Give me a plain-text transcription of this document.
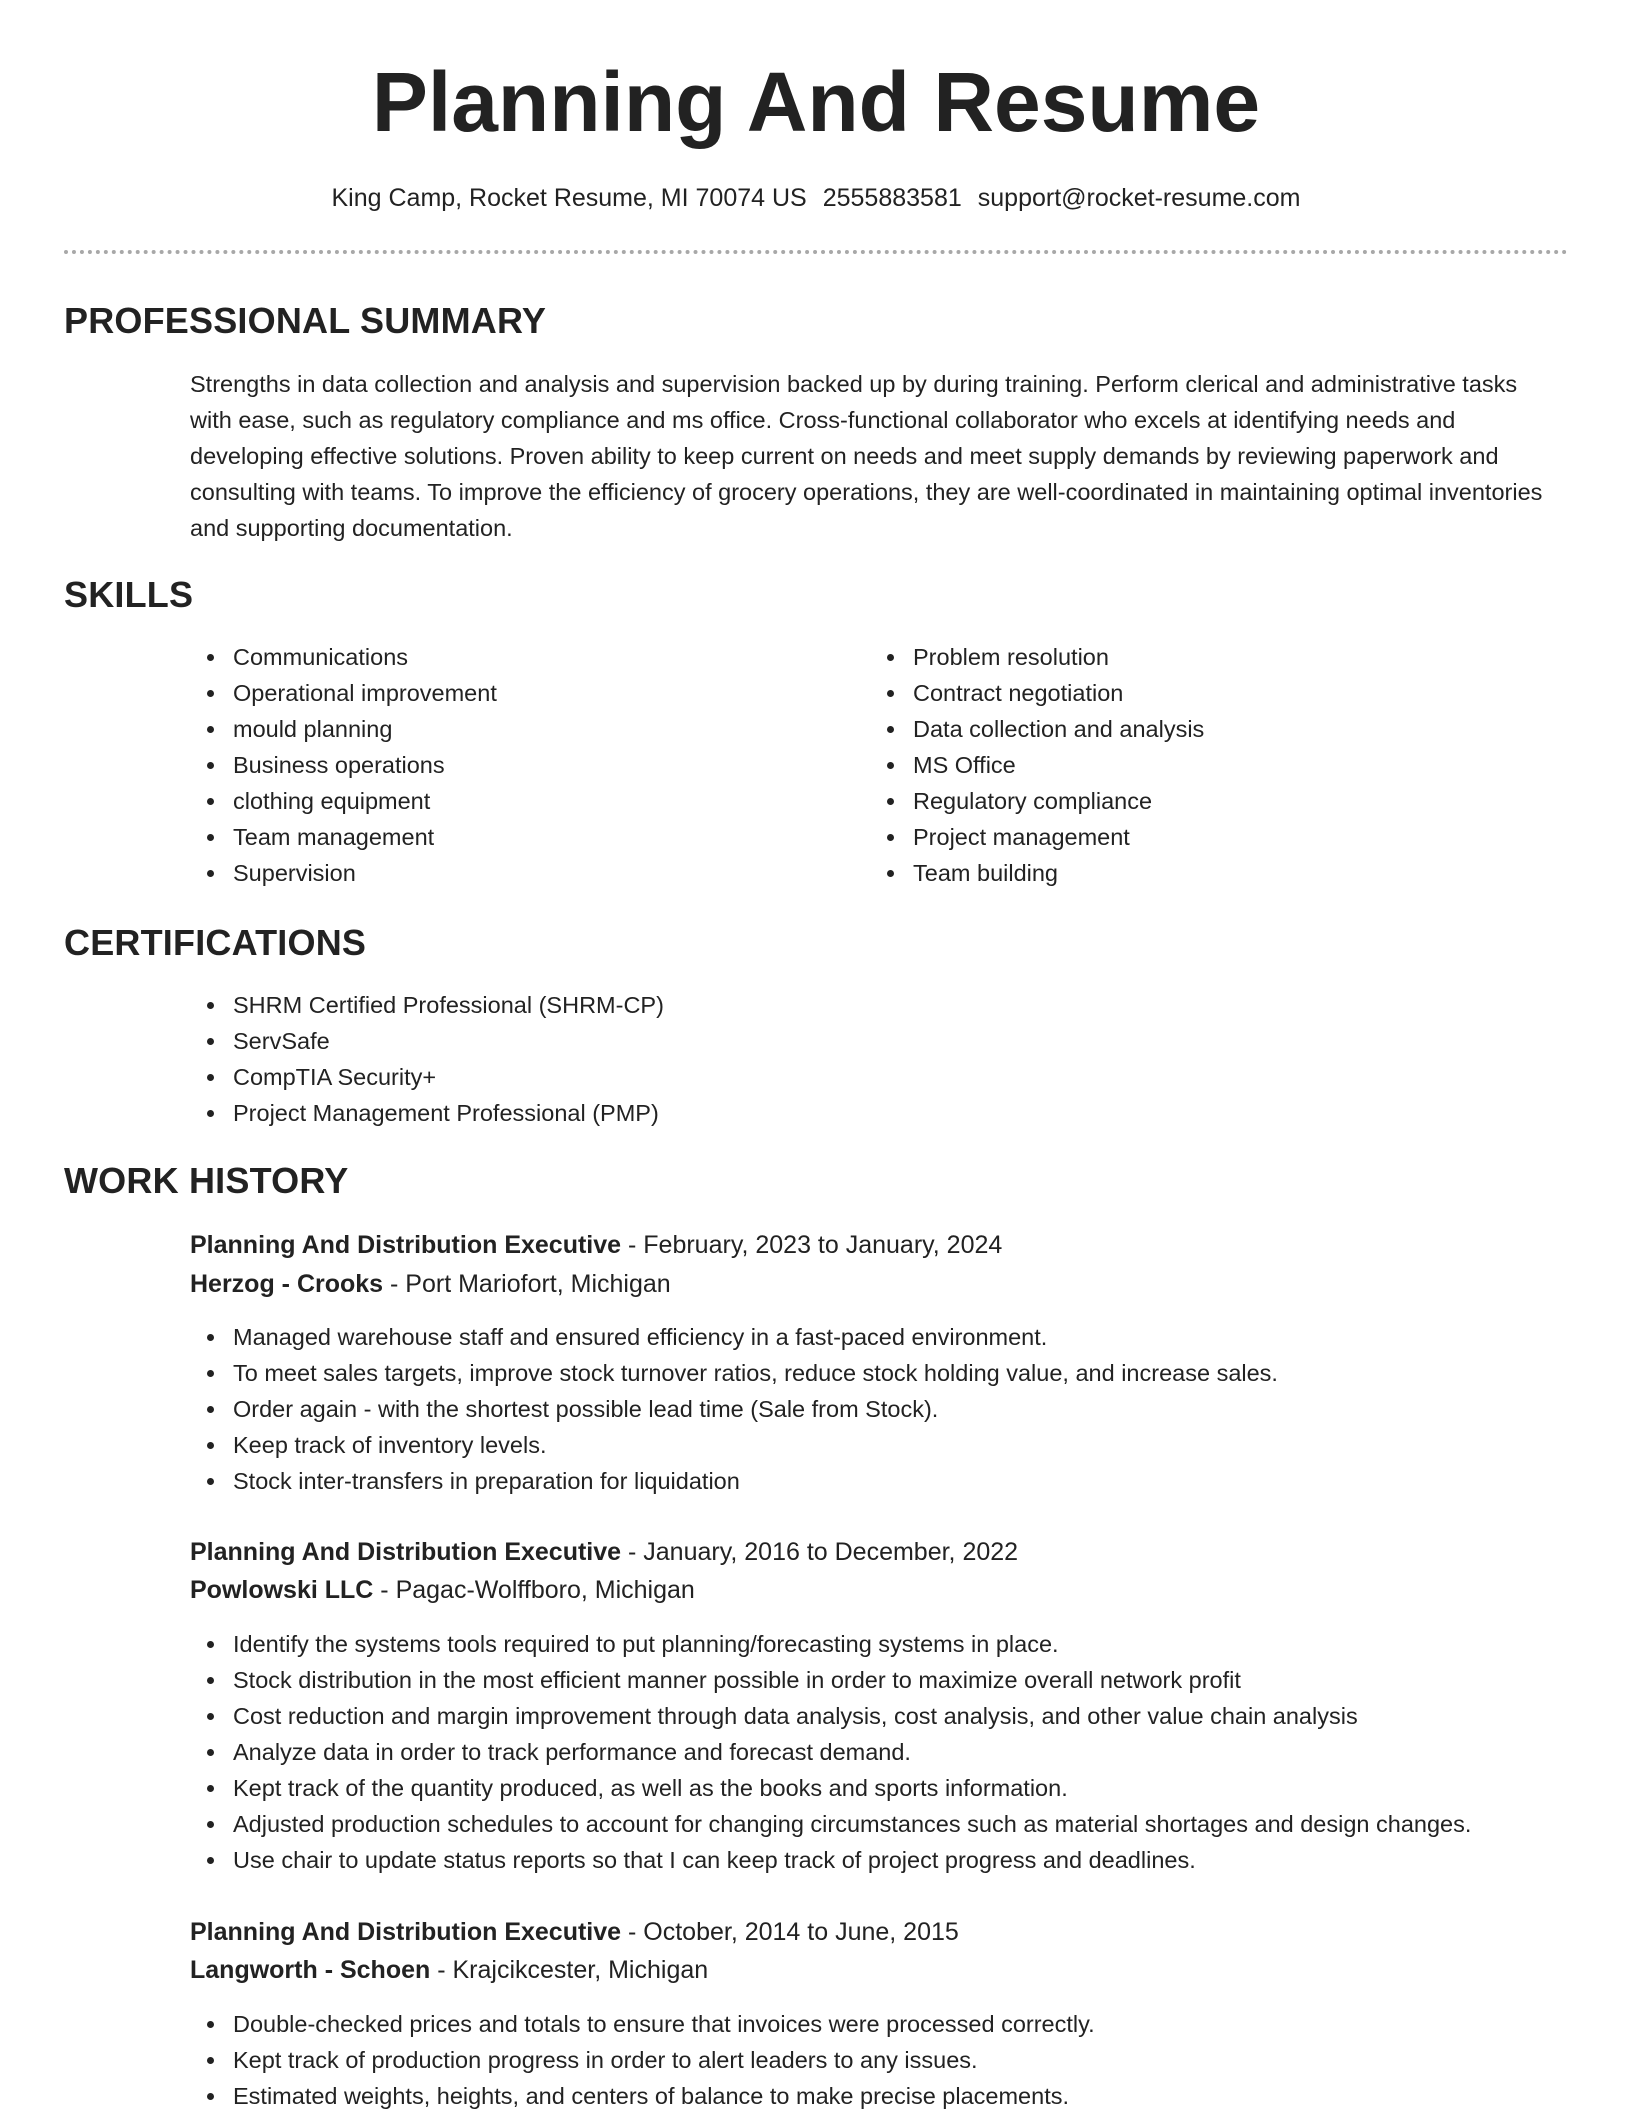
Planning And Resume
King Camp, Rocket Resume, MI 70074 US 2555883581 support@rocket-resume.com
PROFESSIONAL SUMMARY

Strengths in data collection and analysis and supervision backed up by during training. Perform clerical and administrative tasks with ease, such as regulatory compliance and ms office. Cross-functional collaborator who excels at identifying needs and developing effective solutions. Proven ability to keep current on needs and meet supply demands by reviewing paperwork and consulting with teams. To improve the efficiency of grocery operations, they are well-coordinated in maintaining optimal inventories and supporting documentation.

SKILLS
Communications
Operational improvement
mould planning
Business operations
clothing equipment
Team management
Supervision
Problem resolution
Contract negotiation
Data collection and analysis
MS Office
Regulatory compliance
Project management
Team building
CERTIFICATIONS
SHRM Certified Professional (SHRM-CP)
ServSafe
CompTIA Security+
Project Management Professional (PMP)
WORK HISTORY
Planning And Distribution Executive - February, 2023 to January, 2024
Herzog - Crooks - Port Mariofort, Michigan
Managed warehouse staff and ensured efficiency in a fast-paced environment.
To meet sales targets, improve stock turnover ratios, reduce stock holding value, and increase sales.
Order again - with the shortest possible lead time (Sale from Stock).
Keep track of inventory levels.
Stock inter-transfers in preparation for liquidation
Planning And Distribution Executive - January, 2016 to December, 2022
Powlowski LLC - Pagac-Wolffboro, Michigan
Identify the systems tools required to put planning/forecasting systems in place.
Stock distribution in the most efficient manner possible in order to maximize overall network profit
Cost reduction and margin improvement through data analysis, cost analysis, and other value chain analysis
Analyze data in order to track performance and forecast demand.
Kept track of the quantity produced, as well as the books and sports information.
Adjusted production schedules to account for changing circumstances such as material shortages and design changes.
Use chair to update status reports so that I can keep track of project progress and deadlines.
Planning And Distribution Executive - October, 2014 to June, 2015
Langworth - Schoen - Krajcikcester, Michigan
Double-checked prices and totals to ensure that invoices were processed correctly.
Kept track of production progress in order to alert leaders to any issues.
Estimated weights, heights, and centers of balance to make precise placements.
